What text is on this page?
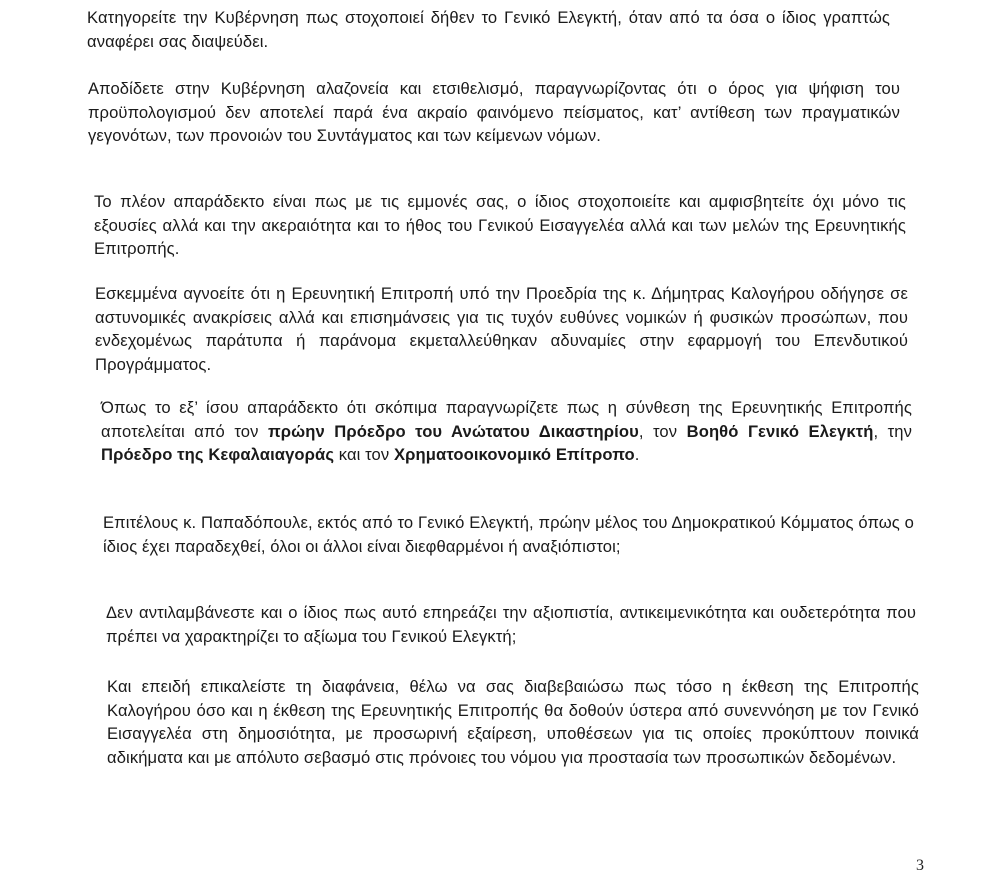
Κατηγορείτε την Κυβέρνηση πως στοχοποιεί δήθεν το Γενικό Ελεγκτή, όταν από τα όσα ο ίδιος γραπτώς αναφέρει σας διαψεύδει.

Αποδίδετε στην Κυβέρνηση αλαζονεία και ετσιθελισμό, παραγνωρίζοντας ότι ο όρος για ψήφιση του προϋπολογισμού δεν αποτελεί παρά ένα ακραίο φαινόμενο πείσματος, κατ’ αντίθεση των πραγματικών γεγονότων, των προνοιών του Συντάγματος και των κείμενων νόμων.

Το πλέον απαράδεκτο είναι πως με τις εμμονές σας, ο ίδιος στοχοποιείτε και αμφισβητείτε όχι μόνο τις εξουσίες αλλά και την ακεραιότητα και το ήθος του Γενικού Εισαγγελέα αλλά και των μελών της Ερευνητικής Επιτροπής.

Εσκεμμένα αγνοείτε ότι η Ερευνητική Επιτροπή υπό την Προεδρία της κ. Δήμητρας Καλογήρου οδήγησε σε αστυνομικές ανακρίσεις αλλά και επισημάνσεις για τις τυχόν ευθύνες νομικών ή φυσικών προσώπων, που ενδεχομένως παράτυπα ή παράνομα εκμεταλλεύθηκαν αδυναμίες στην εφαρμογή του Επενδυτικού Προγράμματος.

Όπως το εξ’ ίσου απαράδεκτο ότι σκόπιμα παραγνωρίζετε πως η σύνθεση της Ερευνητικής Επιτροπής αποτελείται από τον πρώην Πρόεδρο του Ανώτατου Δικαστηρίου, τον Βοηθό Γενικό Ελεγκτή, την Πρόεδρο της Κεφαλαιαγοράς και τον Χρηματοοικονομικό Επίτροπο.

Επιτέλους κ. Παπαδόπουλε, εκτός από το Γενικό Ελεγκτή, πρώην μέλος του Δημοκρατικού Κόμματος όπως ο ίδιος έχει παραδεχθεί, όλοι οι άλλοι είναι διεφθαρμένοι ή αναξιόπιστοι;

Δεν αντιλαμβάνεστε και ο ίδιος πως αυτό επηρεάζει την αξιοπιστία, αντικειμενικότητα και ουδετερότητα που πρέπει να χαρακτηρίζει το αξίωμα του Γενικού Ελεγκτή;

Και επειδή επικαλείστε τη διαφάνεια, θέλω να σας διαβεβαιώσω πως τόσο η έκθεση της Επιτροπής Καλογήρου όσο και η έκθεση της Ερευνητικής Επιτροπής θα δοθούν ύστερα από συνεννόηση με τον Γενικό Εισαγγελέα στη δημοσιότητα, με προσωρινή εξαίρεση, υποθέσεων για τις οποίες προκύπτουν ποινικά αδικήματα και με απόλυτο σεβασμό στις πρόνοιες του νόμου για προστασία των προσωπικών δεδομένων.

3
